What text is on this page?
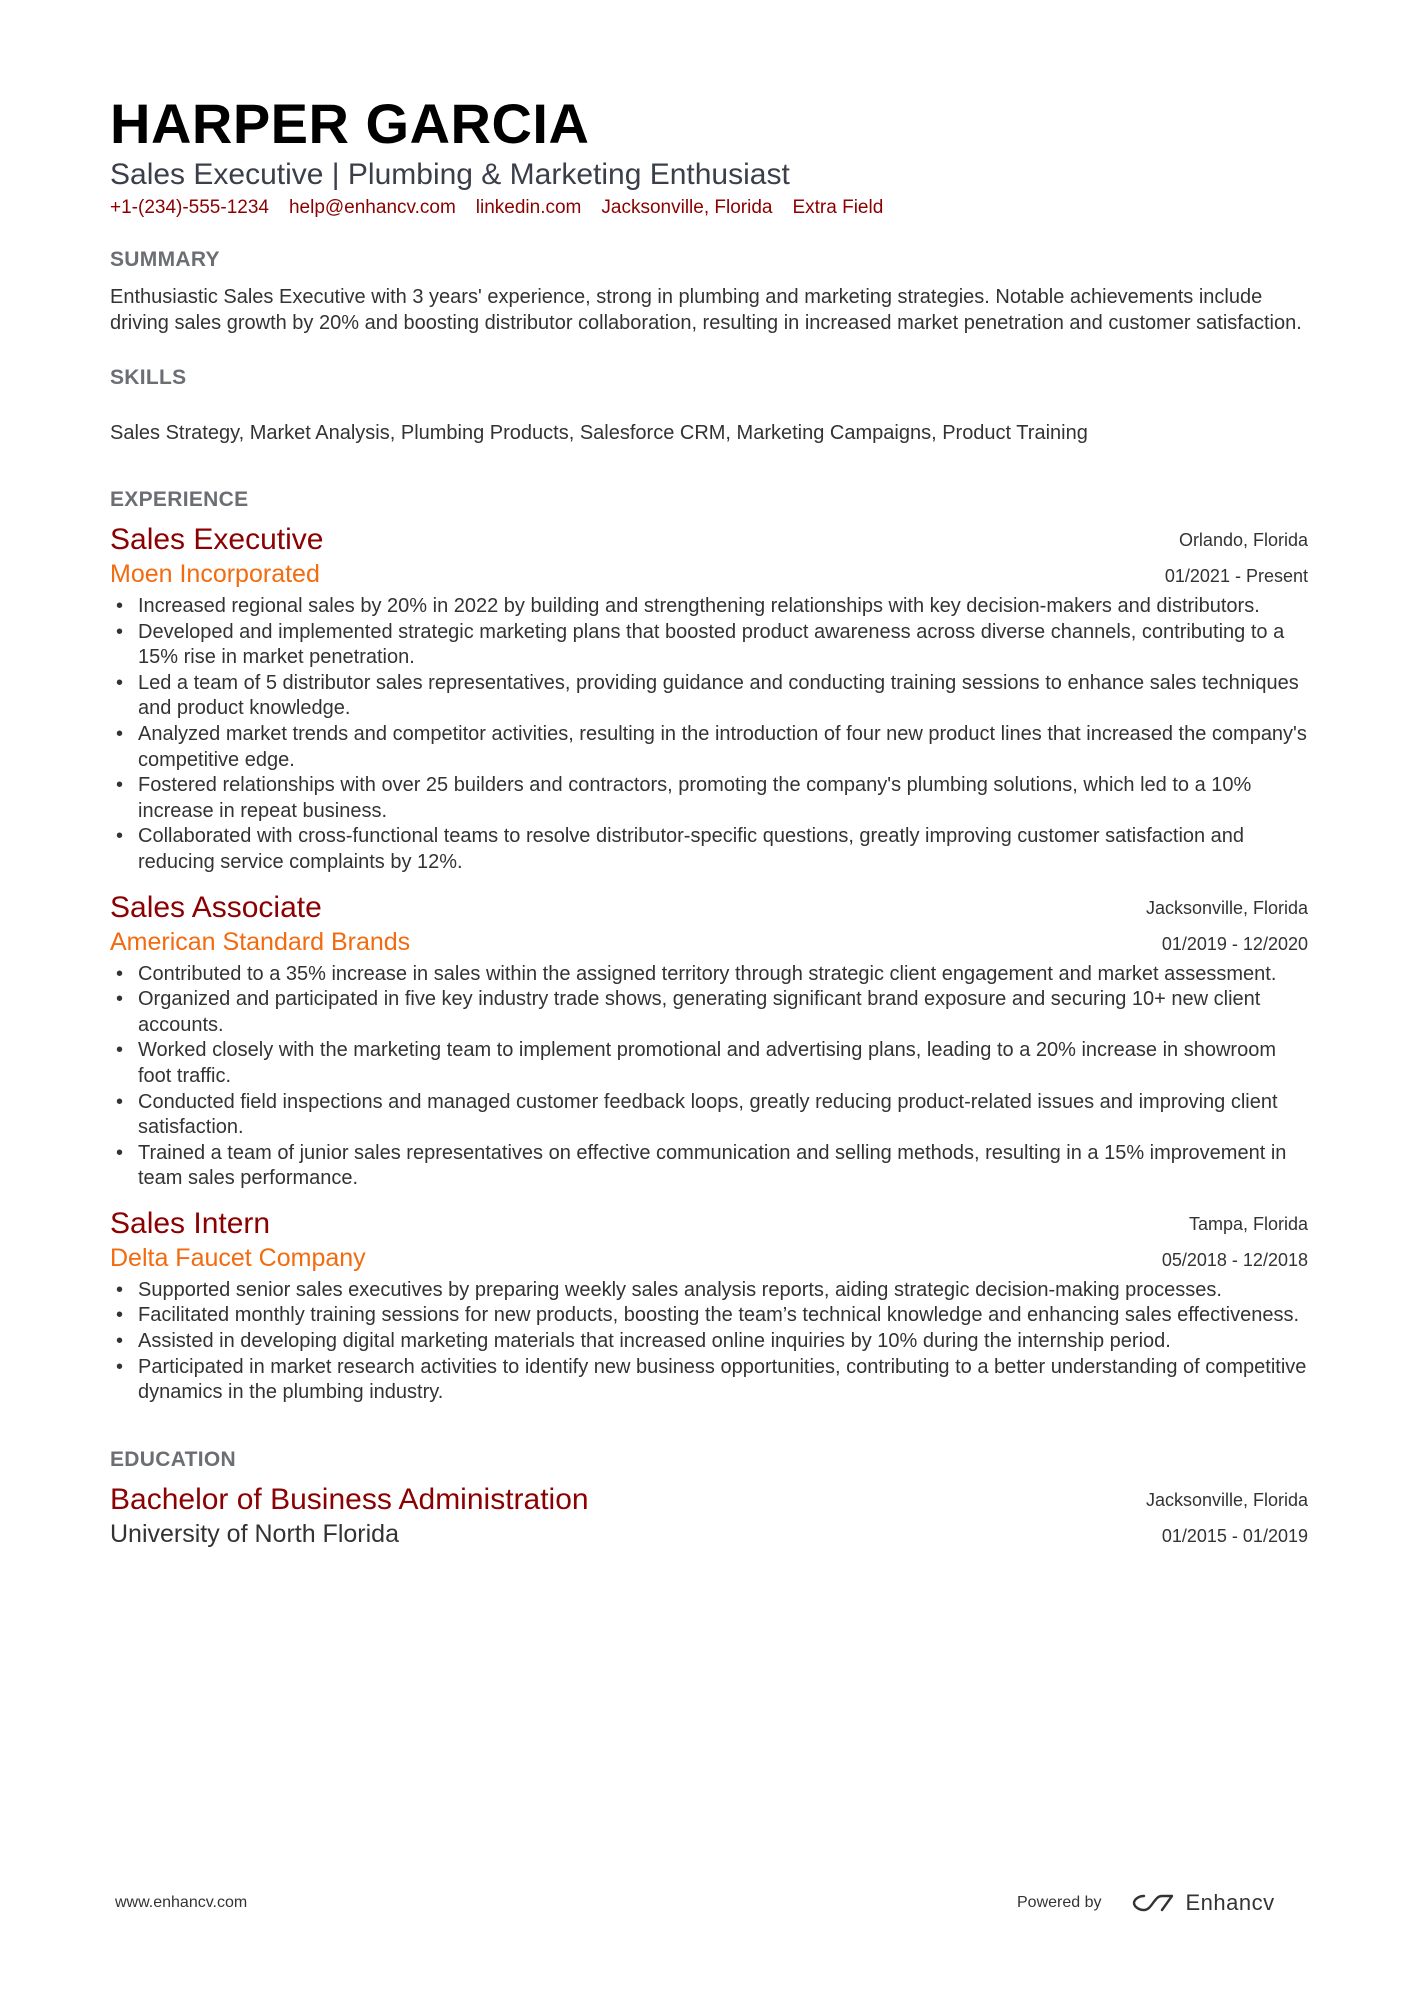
HARPER GARCIA
Sales Executive | Plumbing & Marketing Enthusiast
+1-(234)-555-1234 help@enhancv.com linkedin.com Jacksonville, Florida Extra Field
SUMMARY

Enthusiastic Sales Executive with 3 years' experience, strong in plumbing and marketing strategies. Notable achievements include driving sales growth by 20% and boosting distributor collaboration, resulting in increased market penetration and customer satisfaction.

SKILLS

Sales Strategy, Market Analysis, Plumbing Products, Salesforce CRM, Marketing Campaigns, Product Training

EXPERIENCE
Sales Executive
Moen Incorporated
Orlando, Florida
01/2021 - Present
• Increased regional sales by 20% in 2022 by building and strengthening relationships with key decision-makers and distributors.
• Developed and implemented strategic marketing plans that boosted product awareness across diverse channels, contributing to a 15% rise in market penetration.
• Led a team of 5 distributor sales representatives, providing guidance and conducting training sessions to enhance sales techniques and product knowledge.
• Analyzed market trends and competitor activities, resulting in the introduction of four new product lines that increased the company's competitive edge.
• Fostered relationships with over 25 builders and contractors, promoting the company's plumbing solutions, which led to a 10% increase in repeat business.
• Collaborated with cross-functional teams to resolve distributor-specific questions, greatly improving customer satisfaction and reducing service complaints by 12%.
Sales Associate
American Standard Brands
Jacksonville, Florida
01/2019 - 12/2020
• Contributed to a 35% increase in sales within the assigned territory through strategic client engagement and market assessment.
• Organized and participated in five key industry trade shows, generating significant brand exposure and securing 10+ new client accounts.
• Worked closely with the marketing team to implement promotional and advertising plans, leading to a 20% increase in showroom foot traffic.
• Conducted field inspections and managed customer feedback loops, greatly reducing product-related issues and improving client satisfaction.
• Trained a team of junior sales representatives on effective communication and selling methods, resulting in a 15% improvement in team sales performance.
Sales Intern
Delta Faucet Company
Tampa, Florida
05/2018 - 12/2018
• Supported senior sales executives by preparing weekly sales analysis reports, aiding strategic decision-making processes.
• Facilitated monthly training sessions for new products, boosting the team’s technical knowledge and enhancing sales effectiveness.
• Assisted in developing digital marketing materials that increased online inquiries by 10% during the internship period.
• Participated in market research activities to identify new business opportunities, contributing to a better understanding of competitive dynamics in the plumbing industry.
EDUCATION
Bachelor of Business Administration
University of North Florida
Jacksonville, Florida
01/2015 - 01/2019
www.enhancv.com	Powered by	Enhancv
